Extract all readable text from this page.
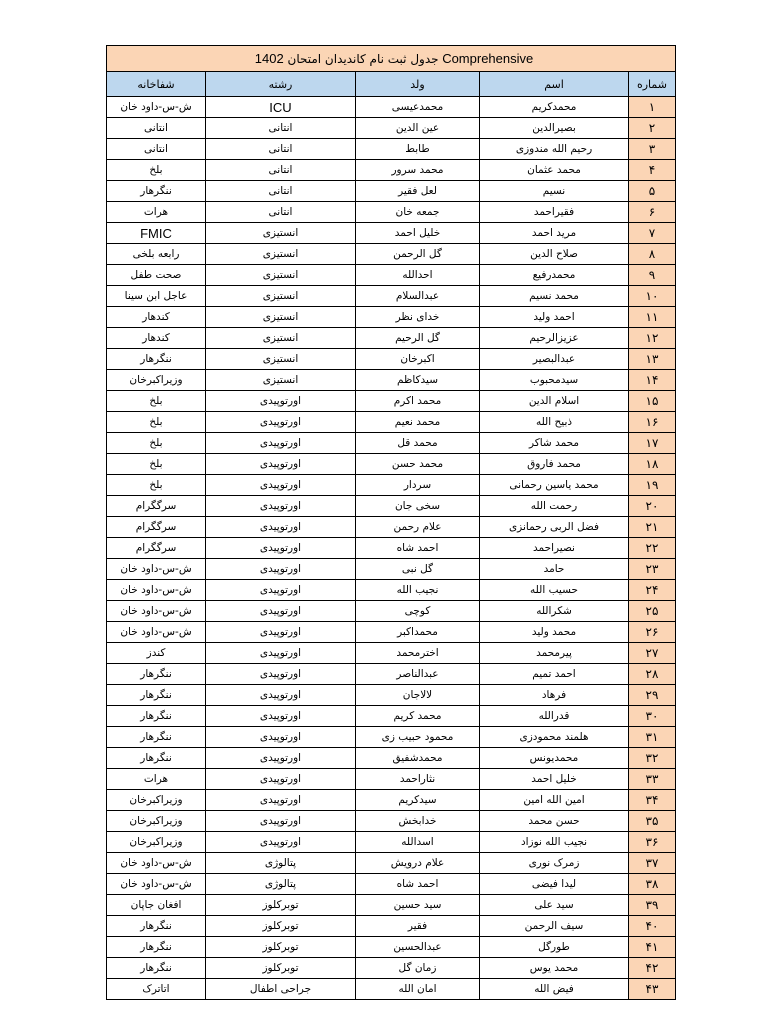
جدول ثبت نام کاندیدان امتحان 1402 Comprehensive				
شفاخانه	رشته	ولد	اسم	شماره
ش-س-داود خان	ICU	محمدعیسی	محمدکریم	۱
انتانی	انتانی	عین الدین	بصیرالدین	۲
انتانی	انتانی	طابط	رحیم الله مندوزی	۳
بلخ	انتانی	محمد سرور	محمد عثمان	۴
ننگرهار	انتانی	لعل فقیر	نسیم	۵
هرات	انتانی	جمعه خان	فقیراحمد	۶
FMIC	انستیزی	خلیل احمد	مرید احمد	۷
رابعه بلخی	انستیزی	گل الرحمن	صلاح الدین	۸
صحت طفل	انستیزی	احدالله	محمدرفیع	۹
عاجل ابن سینا	انستیزی	عبدالسلام	محمد نسیم	۱۰
کندهار	انستیزی	خدای نظر	احمد ولید	۱۱
کندهار	انستیزی	گل الرحیم	عزیزالرحیم	۱۲
ننگرهار	انستیزی	اکبرخان	عبدالبصیر	۱۳
وزیراکبرخان	انستیزی	سیدکاظم	سیدمحبوب	۱۴
بلخ	اورتوپیدی	محمد اکرم	اسلام الدین	۱۵
بلخ	اورتوپیدی	محمد نعیم	ذبیح الله	۱۶
بلخ	اورتوپیدی	محمد قل	محمد شاکر	۱۷
بلخ	اورتوپیدی	محمد حسن	محمد فاروق	۱۸
بلخ	اورتوپیدی	سردار	محمد یاسین رحمانی	۱۹
سرگگرام	اورتوپیدی	سخی جان	رحمت الله	۲۰
سرگگرام	اورتوپیدی	علام رحمن	فضل الربی رحمانزی	۲۱
سرگگرام	اورتوپیدی	احمد شاه	نصیراحمد	۲۲
ش-س-داود خان	اورتوپیدی	گل نبی	حامد	۲۳
ش-س-داود خان	اورتوپیدی	نجیب الله	حسیب الله	۲۴
ش-س-داود خان	اورتوپیدی	کوچی	شکرالله	۲۵
ش-س-داود خان	اورتوپیدی	محمداکبر	محمد ولید	۲۶
کندز	اورتوپیدی	اخترمحمد	پیرمحمد	۲۷
ننگرهار	اورتوپیدی	عبدالناصر	احمد تمیم	۲۸
ننگرهار	اورتوپیدی	لالاجان	فرهاد	۲۹
ننگرهار	اورتوپیدی	محمد کریم	قدرالله	۳۰
ننگرهار	اورتوپیدی	محمود حبیب زی	هلمند محمودزی	۳۱
ننگرهار	اورتوپیدی	محمدشفیق	محمدیونس	۳۲
هرات	اورتوپیدی	نثاراحمد	خلیل احمد	۳۳
وزیراکبرخان	اورتوپیدی	سیدکریم	امین الله امین	۳۴
وزیراکبرخان	اورتوپیدی	خدابخش	حسن محمد	۳۵
وزیراکبرخان	اورتوپیدی	اسدالله	نجیب الله نوزاد	۳۶
ش-س-داود خان	پتالوژی	علام درویش	زمرک نوری	۳۷
ش-س-داود خان	پتالوژی	احمد شاه	لیدا فیضی	۳۸
افغان جاپان	توبرکلوز	سید حسین	سید علی	۳۹
ننگرهار	توبرکلوز	فقیر	سیف الرحمن	۴۰
ننگرهار	توبرکلوز	عبدالحسین	طورگل	۴۱
ننگرهار	توبرکلوز	زمان گل	محمد یوس	۴۲
اتاترک	جراحی اطفال	امان الله	فیض الله	۴۳
